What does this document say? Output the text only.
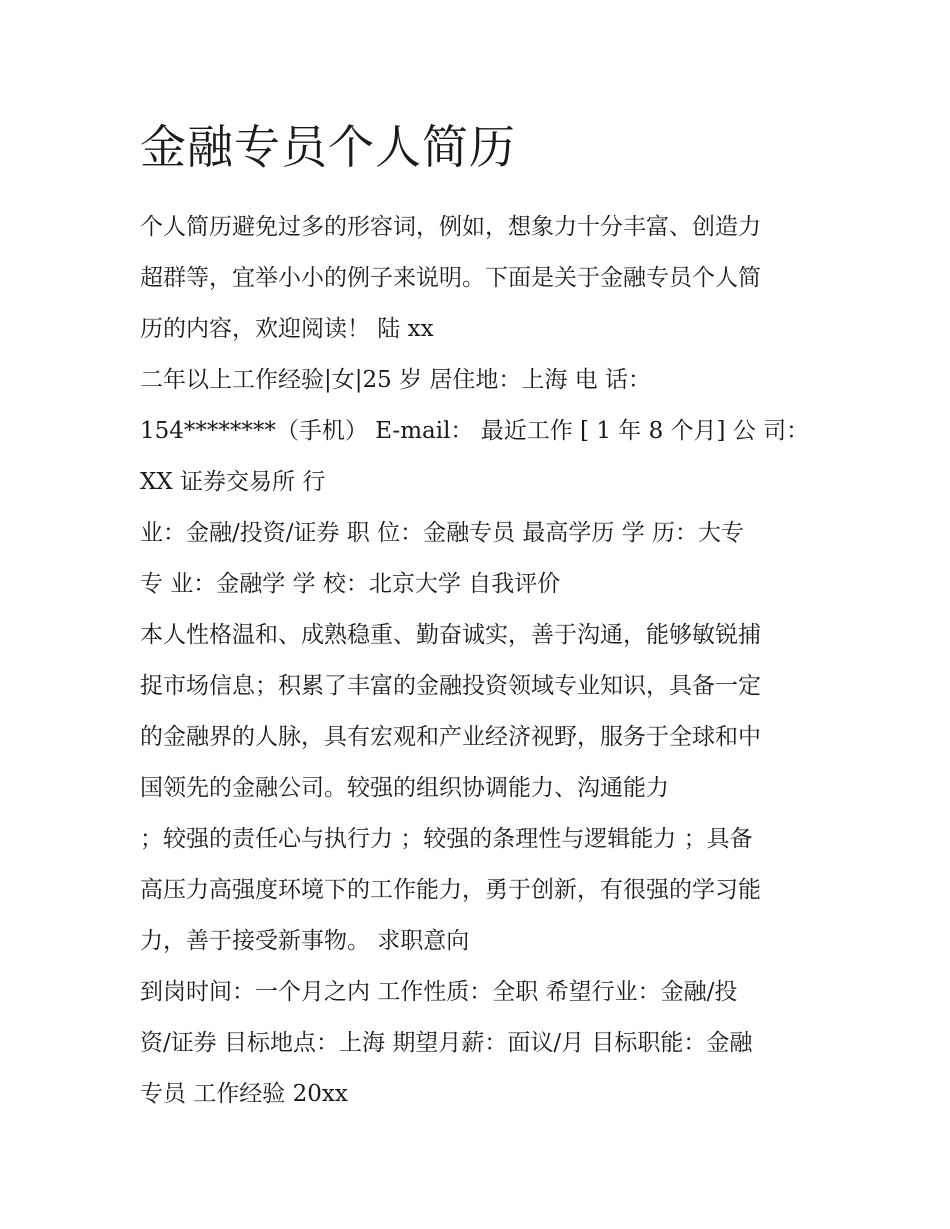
金融专员个人简历
个人简历避免过多的形容词，例如，想象力十分丰富、创造力
超群等，宜举小小的例子来说明。下面是关于金融专员个人简
历的内容，欢迎阅读！ 陆 xx
二年以上工作经验|女|25 岁 居住地：上海 电 话：
154********（手机） E-mail： 最近工作 [ 1 年 8 个月] 公 司：
XX 证券交易所 行
业：金融/投资/证券 职 位：金融专员 最高学历 学 历：大专
专 业：金融学 学 校：北京大学 自我评价
本人性格温和、成熟稳重、勤奋诚实，善于沟通，能够敏锐捕
捉市场信息；积累了丰富的金融投资领域专业知识，具备一定
的金融界的人脉，具有宏观和产业经济视野，服务于全球和中
国领先的金融公司。较强的组织协调能力、沟通能力
；较强的责任心与执行力 ；较强的条理性与逻辑能力 ；具备
高压力高强度环境下的工作能力，勇于创新，有很强的学习能
力，善于接受新事物。 求职意向
到岗时间：一个月之内 工作性质：全职 希望行业：金融/投
资/证券 目标地点：上海 期望月薪：面议/月 目标职能：金融
专员 工作经验 20xx
